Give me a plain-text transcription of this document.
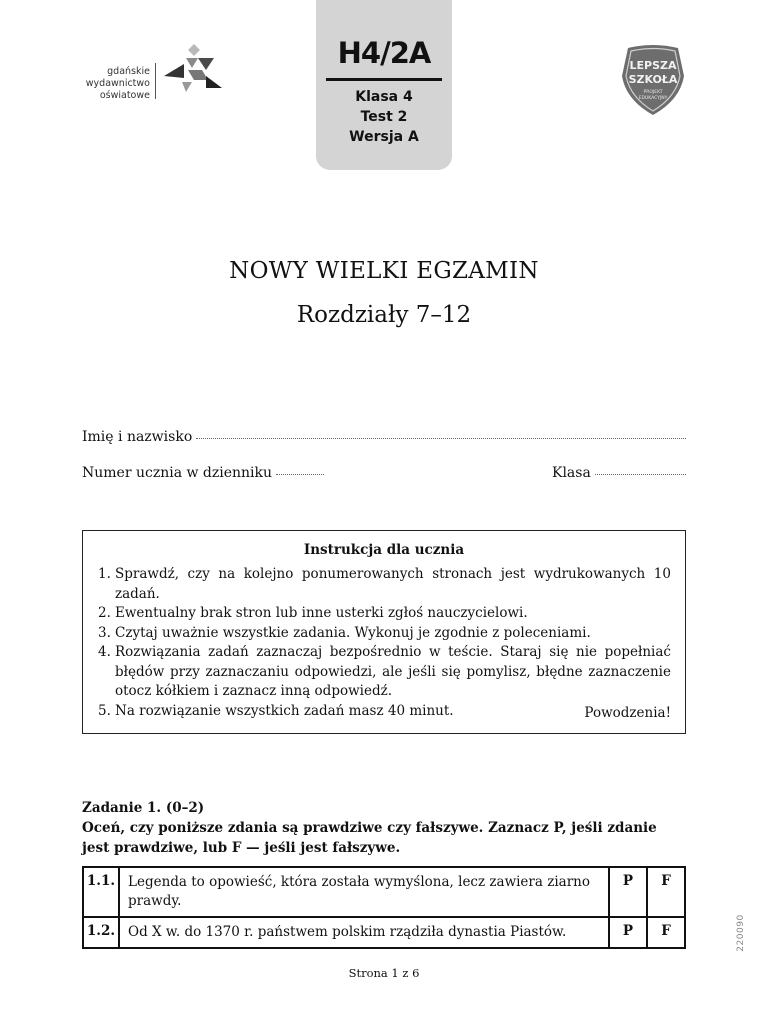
gdańskie
wydawnictwo
oświatowe
H4/2A
Klasa 4
Test 2
Wersja A
LEPSZA
SZKOŁA
PROJEKT
EDUKACYJNY
NOWY WIELKI EGZAMIN
Rozdziały 7–12
Imię i nazwisko
Numer ucznia w dzienniku	Klasa
Instrukcja dla ucznia
1. Sprawdź, czy na kolejno ponumerowanych stronach jest wydrukowanych 10 zadań.
2. Ewentualny brak stron lub inne usterki zgłoś nauczycielowi.
3. Czytaj uważnie wszystkie zadania. Wykonuj je zgodnie z poleceniami.
4. Rozwiązania zadań zaznaczaj bezpośrednio w teście. Staraj się nie popełniać błędów przy zaznaczaniu odpowiedzi, ale jeśli się pomylisz, błędne zaznaczenie otocz kółkiem i zaznacz inną odpowiedź.
5. Na rozwiązanie wszystkich zadań masz 40 minut.	Powodzenia!
Zadanie 1. (0–2)
Oceń, czy poniższe zdania są prawdziwe czy fałszywe. Zaznacz P, jeśli zdanie jest prawdziwe, lub F — jeśli jest fałszywe.
1.1.	Legenda to opowieść, która została wymyślona, lecz zawiera ziarno prawdy.	P	F
1.2.	Od X w. do 1370 r. państwem polskim rządziła dynastia Piastów.	P	F
Strona 1 z 6
220090
